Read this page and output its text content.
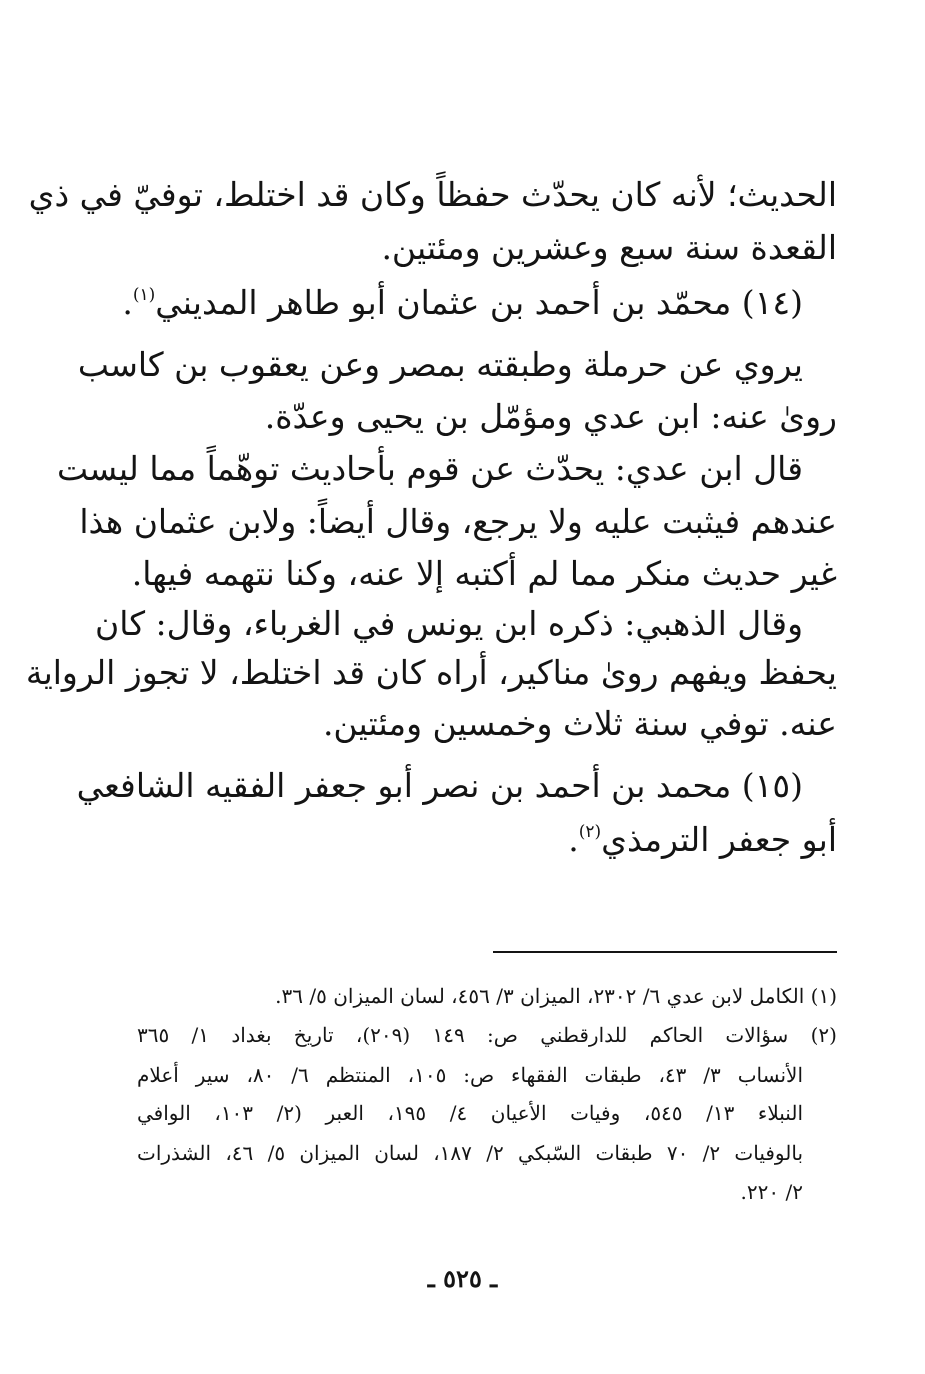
الحديث؛ لأنه كان يحدّث حفظاً وكان قد اختلط، توفيّ في ذي
القعدة سنة سبع وعشرين ومئتين.
(١٤) محمّد بن أحمد بن عثمان أبو طاهر المديني$^{(١)}$.
يروي عن حرملة وطبقته بمصر وعن يعقوب بن كاسب
روىٰ عنه: ابن عدي ومؤمّل بن يحيى وعدّة.
قال ابن عدي: يحدّث عن قوم بأحاديث توهّماً مما ليست
عندهم فيثبت عليه ولا يرجع، وقال أيضاً: ولابن عثمان هذا
غير حديث منكر مما لم أكتبه إلا عنه، وكنا نتهمه فيها.
وقال الذهبي: ذكره ابن يونس في الغرباء، وقال: كان
يحفظ ويفهم روىٰ مناكير، أراه كان قد اختلط، لا تجوز الرواية
عنه. توفي سنة ثلاث وخمسين ومئتين.
(١٥) محمد بن أحمد بن نصر أبو جعفر الفقيه الشافعي
أبو جعفر الترمذي$^{(٢)}$.
(١) الكامل لابن عدي ٦/ ٢٣٠٢، الميزان ٣/ ٤٥٦، لسان الميزان ٥/ ٣٦.
(٢) سؤالات الحاكم للدارقطني ص: ١٤٩ (٢٠٩)، تاريخ بغداد ١/ ٣٦٥
الأنساب ٣/ ٤٣، طبقات الفقهاء ص: ١٠٥، المنتظم ٦/ ٨٠، سير أعلام
النبلاء ١٣/ ٥٤٥، وفيات الأعيان ٤/ ١٩٥، العبر (٢/ ١٠٣، الوافي
بالوفيات ٢/ ٧٠ طبقات السّبكي ٢/ ١٨٧، لسان الميزان ٥/ ٤٦، الشذرات
٢/ ٢٢٠.
ـ ٥٢٥ ـ
